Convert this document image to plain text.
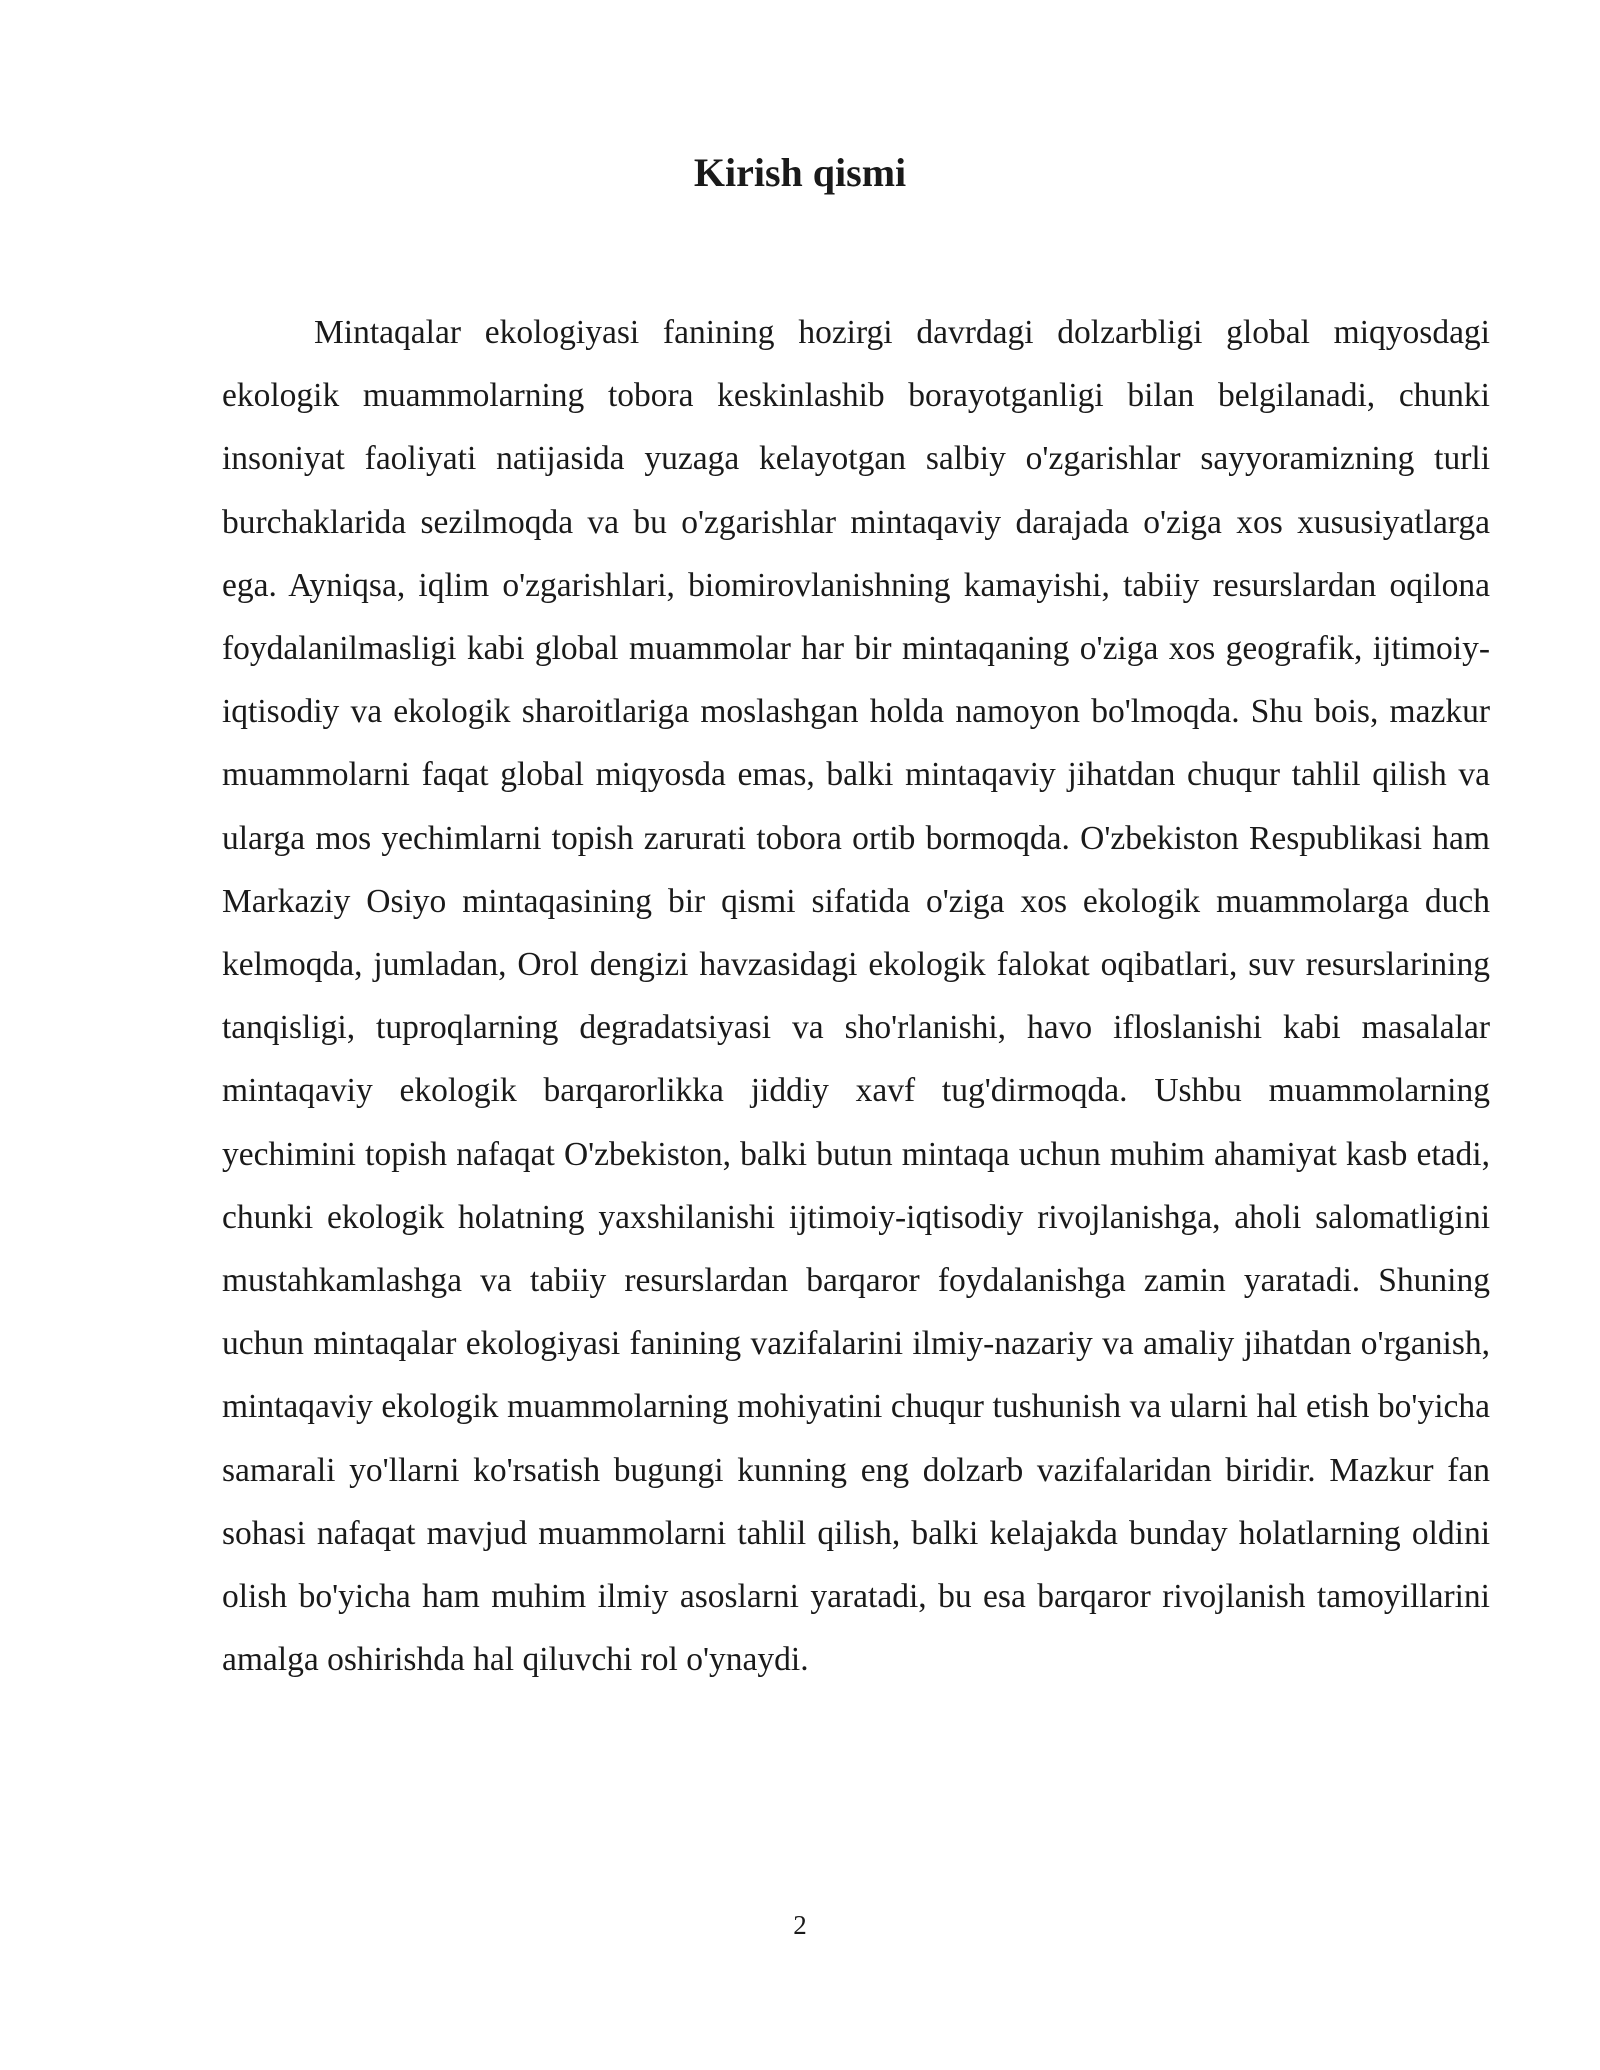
Kirish qismi

Mintaqalar ekologiyasi fanining hozirgi davrdagi dolzarbligi global miqyosdagi ekologik muammolarning tobora keskinlashib borayotganligi bilan belgilanadi, chunki insoniyat faoliyati natijasida yuzaga kelayotgan salbiy o'zgarishlar sayyoramizning turli burchaklarida sezilmoqda va bu o'zgarishlar mintaqaviy darajada o'ziga xos xususiyatlarga ega. Ayniqsa, iqlim o'zgarishlari, biomirovlanishning kamayishi, tabiiy resurslardan oqilona foydalanilmasligi kabi global muammolar har bir mintaqaning o'ziga xos geografik, ijtimoiy-iqtisodiy va ekologik sharoitlariga moslashgan holda namoyon bo'lmoqda. Shu bois, mazkur muammolarni faqat global miqyosda emas, balki mintaqaviy jihatdan chuqur tahlil qilish va ularga mos yechimlarni topish zarurati tobora ortib bormoqda. O'zbekiston Respublikasi ham Markaziy Osiyo mintaqasining bir qismi sifatida o'ziga xos ekologik muammolarga duch kelmoqda, jumladan, Orol dengizi havzasidagi ekologik falokat oqibatlari, suv resurslarining tanqisligi, tuproqlarning degradatsiyasi va sho'rlanishi, havo ifloslanishi kabi masalalar mintaqaviy ekologik barqarorlikka jiddiy xavf tug'dirmoqda. Ushbu muammolarning yechimini topish nafaqat O'zbekiston, balki butun mintaqa uchun muhim ahamiyat kasb etadi, chunki ekologik holatning yaxshilanishi ijtimoiy-iqtisodiy rivojlanishga, aholi salomatligini mustahkamlashga va tabiiy resurslardan barqaror foydalanishga zamin yaratadi. Shuning uchun mintaqalar ekologiyasi fanining vazifalarini ilmiy-nazariy va amaliy jihatdan o'rganish, mintaqaviy ekologik muammolarning mohiyatini chuqur tushunish va ularni hal etish bo'yicha samarali yo'llarni ko'rsatish bugungi kunning eng dolzarb vazifalaridan biridir. Mazkur fan sohasi nafaqat mavjud muammolarni tahlil qilish, balki kelajakda bunday holatlarning oldini olish bo'yicha ham muhim ilmiy asoslarni yaratadi, bu esa barqaror rivojlanish tamoyillarini amalga oshirishda hal qiluvchi rol o'ynaydi.

2
